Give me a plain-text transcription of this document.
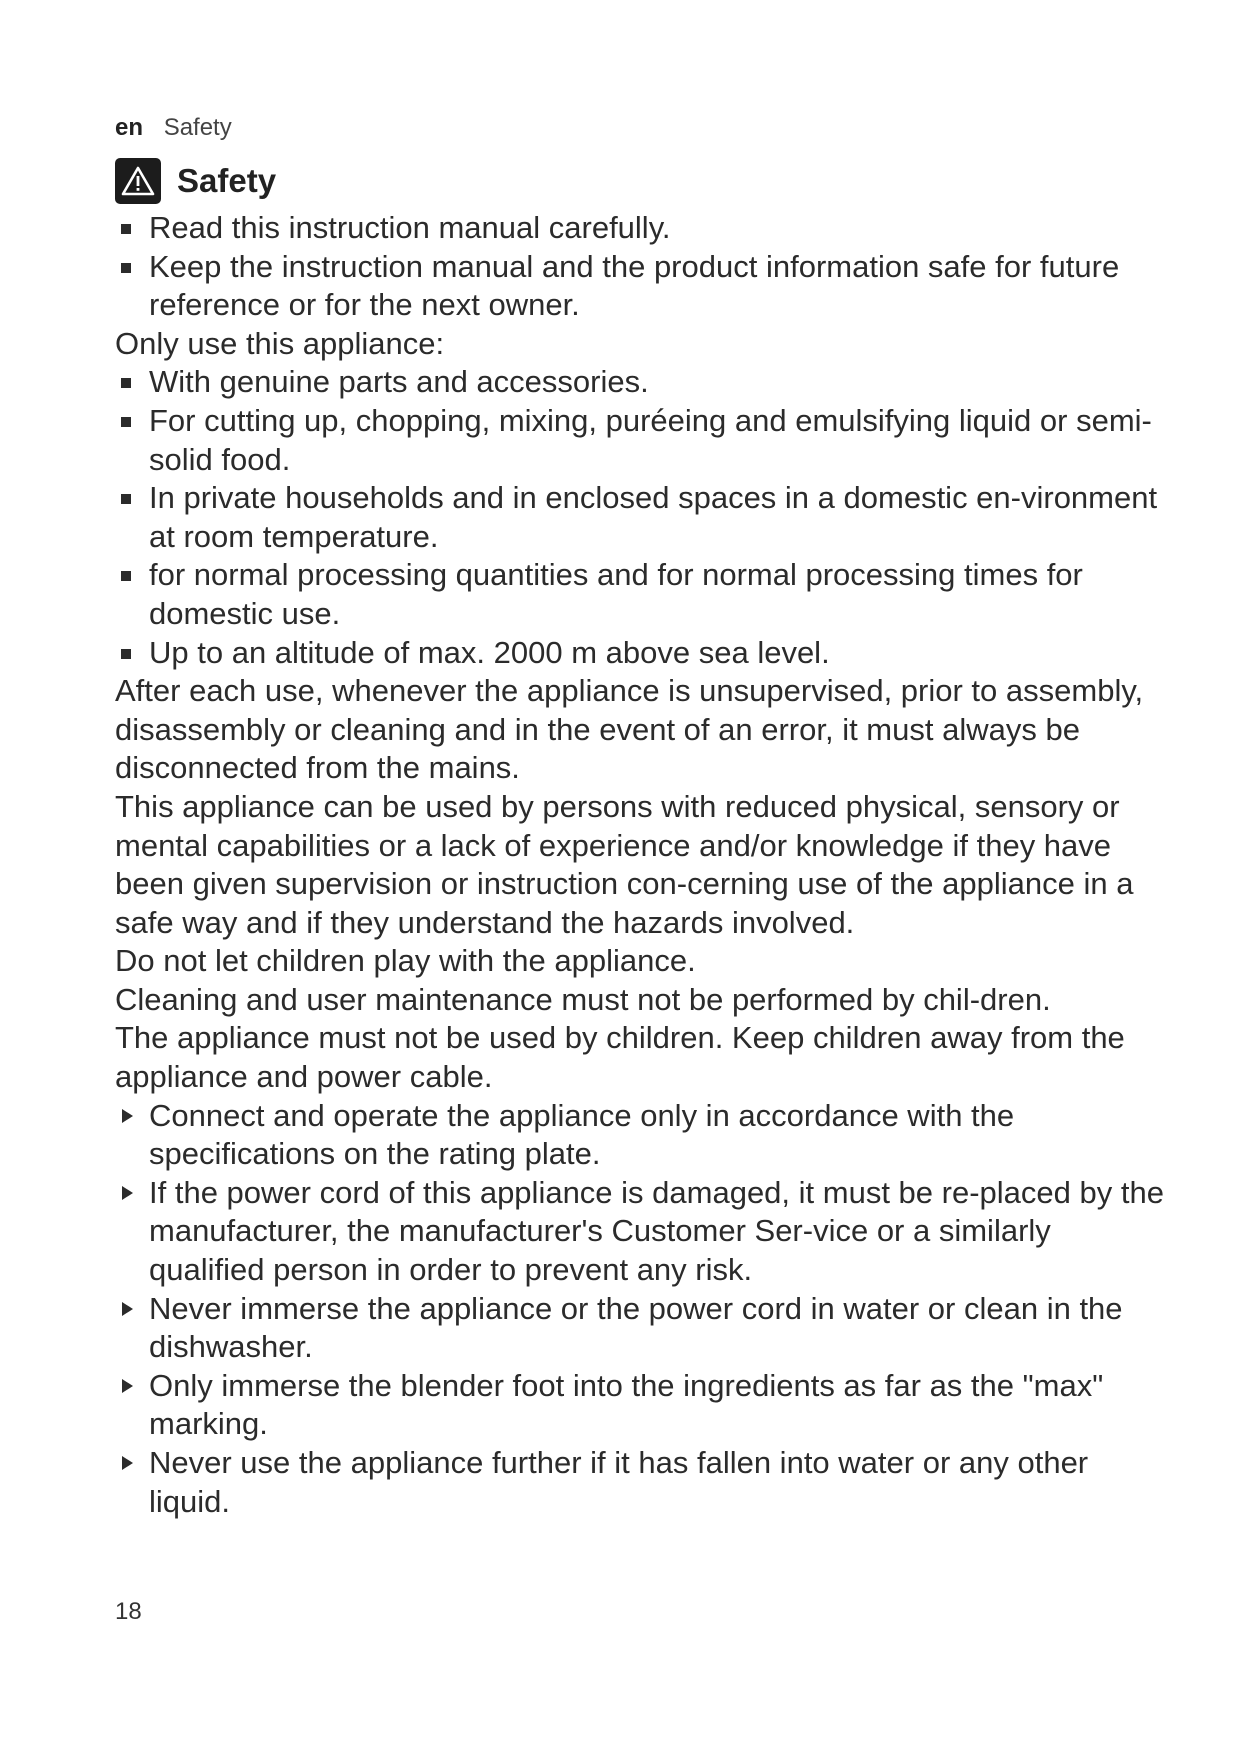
en Safety
Safety
Read this instruction manual carefully.
Keep the instruction manual and the product information safe for future reference or for the next owner.

Only use this appliance:

With genuine parts and accessories.
For cutting up, chopping, mixing, puréeing and emulsifying liquid or semi-solid food.
In private households and in enclosed spaces in a domestic en-vironment at room temperature.
for normal processing quantities and for normal processing times for domestic use.
Up to an altitude of max. 2000 m above sea level.

After each use, whenever the appliance is unsupervised, prior to assembly, disassembly or cleaning and in the event of an error, it must always be disconnected from the mains.

This appliance can be used by persons with reduced physical, sensory or mental capabilities or a lack of experience and/or knowledge if they have been given supervision or instruction con-cerning use of the appliance in a safe way and if they understand the hazards involved.

Do not let children play with the appliance.

Cleaning and user maintenance must not be performed by chil-dren.

The appliance must not be used by children. Keep children away from the appliance and power cable.

Connect and operate the appliance only in accordance with the specifications on the rating plate.
If the power cord of this appliance is damaged, it must be re-placed by the manufacturer, the manufacturer's Customer Ser-vice or a similarly qualified person in order to prevent any risk.
Never immerse the appliance or the power cord in water or clean in the dishwasher.
Only immerse the blender foot into the ingredients as far as the "max" marking.
Never use the appliance further if it has fallen into water or any other liquid.
18
